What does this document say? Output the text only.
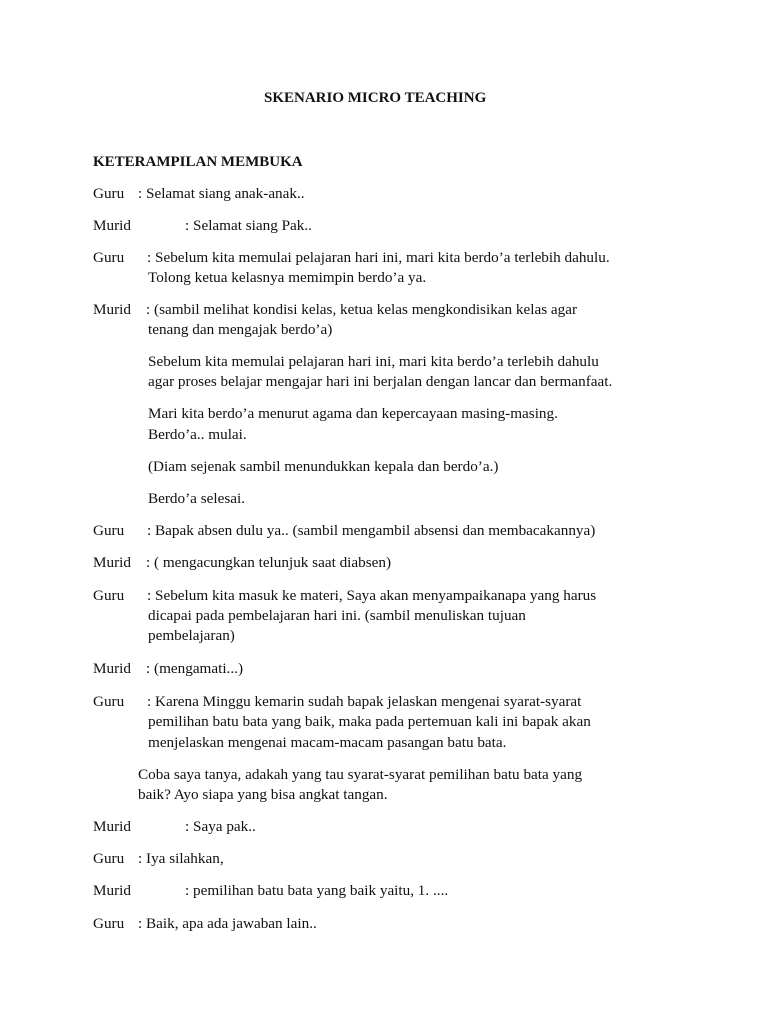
SKENARIO MICRO TEACHING
KETERAMPILAN MEMBUKA
Guru : Selamat siang anak-anak..
Murid	: Selamat siang Pak..
Guru : Sebelum kita memulai pelajaran hari ini, mari kita berdo’a terlebih dahulu.
Tolong ketua kelasnya memimpin berdo’a ya.
Murid : (sambil melihat kondisi kelas, ketua kelas mengkondisikan kelas agar
tenang dan mengajak berdo’a)
Sebelum kita memulai pelajaran hari ini, mari kita berdo’a terlebih dahulu
agar proses belajar mengajar hari ini berjalan dengan lancar dan bermanfaat.
Mari kita berdo’a menurut agama dan kepercayaan masing-masing.
Berdo’a.. mulai.
(Diam sejenak sambil menundukkan kepala dan berdo’a.)
Berdo’a selesai.
Guru : Bapak absen dulu ya.. (sambil mengambil absensi dan membacakannya)
Murid : ( mengacungkan telunjuk saat diabsen)
Guru : Sebelum kita masuk ke materi, Saya akan menyampaikanapa yang harus
dicapai pada pembelajaran hari ini. (sambil menuliskan tujuan
pembelajaran)
Murid : (mengamati...)
Guru : Karena Minggu kemarin sudah bapak jelaskan mengenai syarat-syarat
pemilihan batu bata yang baik, maka pada pertemuan kali ini bapak akan
menjelaskan mengenai macam-macam pasangan batu bata.
Coba saya tanya, adakah yang tau syarat-syarat pemilihan batu bata yang
baik? Ayo siapa yang bisa angkat tangan.
Murid	: Saya pak..
Guru : Iya silahkan,
Murid	: pemilihan batu bata yang baik yaitu, 1. ....
Guru : Baik, apa ada jawaban lain..
